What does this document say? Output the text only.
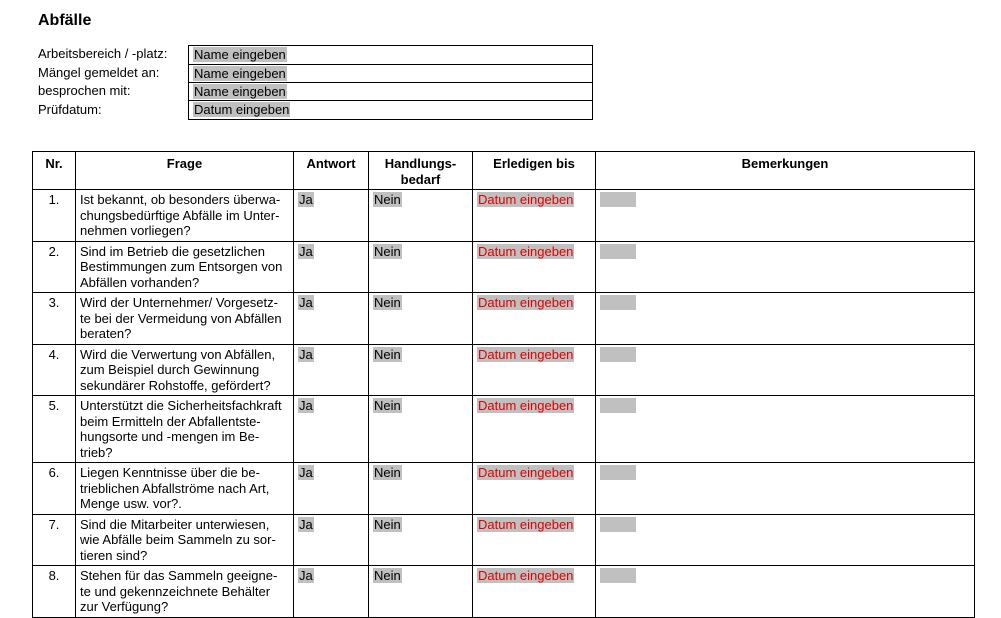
Abfälle
Arbeitsbereich / -platz:	Name eingeben
Mängel gemeldet an:	Name eingeben
besprochen mit:	Name eingeben
Prüfdatum:	Datum eingeben
Nr.	Frage	Antwort	Handlungs-
bedarf	Erledigen bis	Bemerkungen
1.	Ist bekannt, ob besonders überwa-
chungsbedürftige Abfälle im Unter-
nehmen vorliegen?	Ja	Nein	Datum eingeben	
2.	Sind im Betrieb die gesetzlichen
Bestimmungen zum Entsorgen von
Abfällen vorhanden?	Ja	Nein	Datum eingeben	
3.	Wird der Unternehmer/ Vorgesetz-
te bei der Vermeidung von Abfällen
beraten?	Ja	Nein	Datum eingeben	
4.	Wird die Verwertung von Abfällen,
zum Beispiel durch Gewinnung
sekundärer Rohstoffe, gefördert?	Ja	Nein	Datum eingeben	
5.	Unterstützt die Sicherheitsfachkraft
beim Ermitteln der Abfallentste-
hungsorte und -mengen im Be-
trieb?	Ja	Nein	Datum eingeben	
6.	Liegen Kenntnisse über die be-
trieblichen Abfallströme nach Art,
Menge usw. vor?.	Ja	Nein	Datum eingeben	
7.	Sind die Mitarbeiter unterwiesen,
wie Abfälle beim Sammeln zu sor-
tieren sind?	Ja	Nein	Datum eingeben	
8.	Stehen für das Sammeln geeigne-
te und gekennzeichnete Behälter
zur Verfügung?	Ja	Nein	Datum eingeben	
